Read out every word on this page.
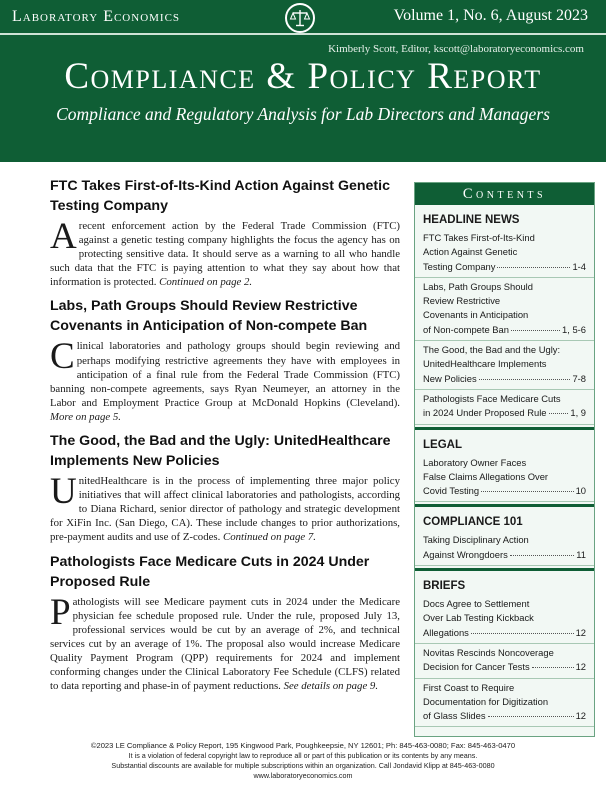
Laboratory Economics	Volume 1, No. 6, August 2023
Kimberly Scott, Editor, kscott@laboratoryeconomics.com
Compliance & Policy Report
Compliance and Regulatory Analysis for Lab Directors and Managers
FTC Takes First-of-Its-Kind Action Against Genetic Testing Company

Arecent enforcement action by the Federal Trade Commission (FTC) against a genetic testing company highlights the focus the agency has on protecting sensitive data. It should serve as a warning to all who handle such data that the FTC is paying attention to what they say about how that information is protected. Continued on page 2.

Labs, Path Groups Should Review Restrictive Covenants in Anticipation of Non-compete Ban

Clinical laboratories and pathology groups should begin reviewing and perhaps modifying restrictive agreements they have with employees in anticipation of a final rule from the Federal Trade Commission (FTC) banning non-compete agreements, says Ryan Neumeyer, an attorney in the Labor and Employment Practice Group at McDonald Hopkins (Cleveland). More on page 5.

The Good, the Bad and the Ugly: UnitedHealthcare Implements New Policies

UnitedHealthcare is in the process of implementing three major policy initiatives that will affect clinical laboratories and pathologists, according to Diana Richard, senior director of pathology and strategic development for XiFin Inc. (San Diego, CA). These include changes to prior authorizations, pre-payment audits and use of Z-codes. Continued on page 7.

Pathologists Face Medicare Cuts in 2024 Under Proposed Rule

Pathologists will see Medicare payment cuts in 2024 under the Medicare physician fee schedule proposed rule. Under the rule, proposed July 13, professional services would be cut by an average of 2%, and technical services cut by an average of 1%. The proposal also would increase Medicare Quality Payment Program (QPP) requirements for 2024 and implement conforming changes under the Clinical Laboratory Fee Schedule (CLFS) related to data reporting and phase-in of payment reductions. See details on page 9.

Contents
HEADLINE NEWS
FTC Takes First-of-Its-Kind
Action Against Genetic
Testing Company	1-4
Labs, Path Groups Should
Review Restrictive
Covenants in Anticipation
of Non-compete Ban	1, 5-6
The Good, the Bad and the Ugly:
UnitedHealthcare Implements
New Policies	7-8
Pathologists Face Medicare Cuts
in 2024 Under Proposed Rule	1, 9
LEGAL
Laboratory Owner Faces
False Claims Allegations Over
Covid Testing	10
COMPLIANCE 101
Taking Disciplinary Action
Against Wrongdoers	11
BRIEFS
Docs Agree to Settlement
Over Lab Testing Kickback
Allegations	12
Novitas Rescinds Noncoverage
Decision for Cancer Tests	12
First Coast to Require
Documentation for Digitization
of Glass Slides	12
©2023 LE Compliance & Policy Report, 195 Kingwood Park, Poughkeepsie, NY 12601; Ph: 845-463-0080; Fax: 845-463-0470
It is a violation of federal copyright law to reproduce all or part of this publication or its contents by any means.
Substantial discounts are available for multiple subscriptions within an organization. Call Jondavid Klipp at 845-463-0080
www.laboratoryeconomics.com
